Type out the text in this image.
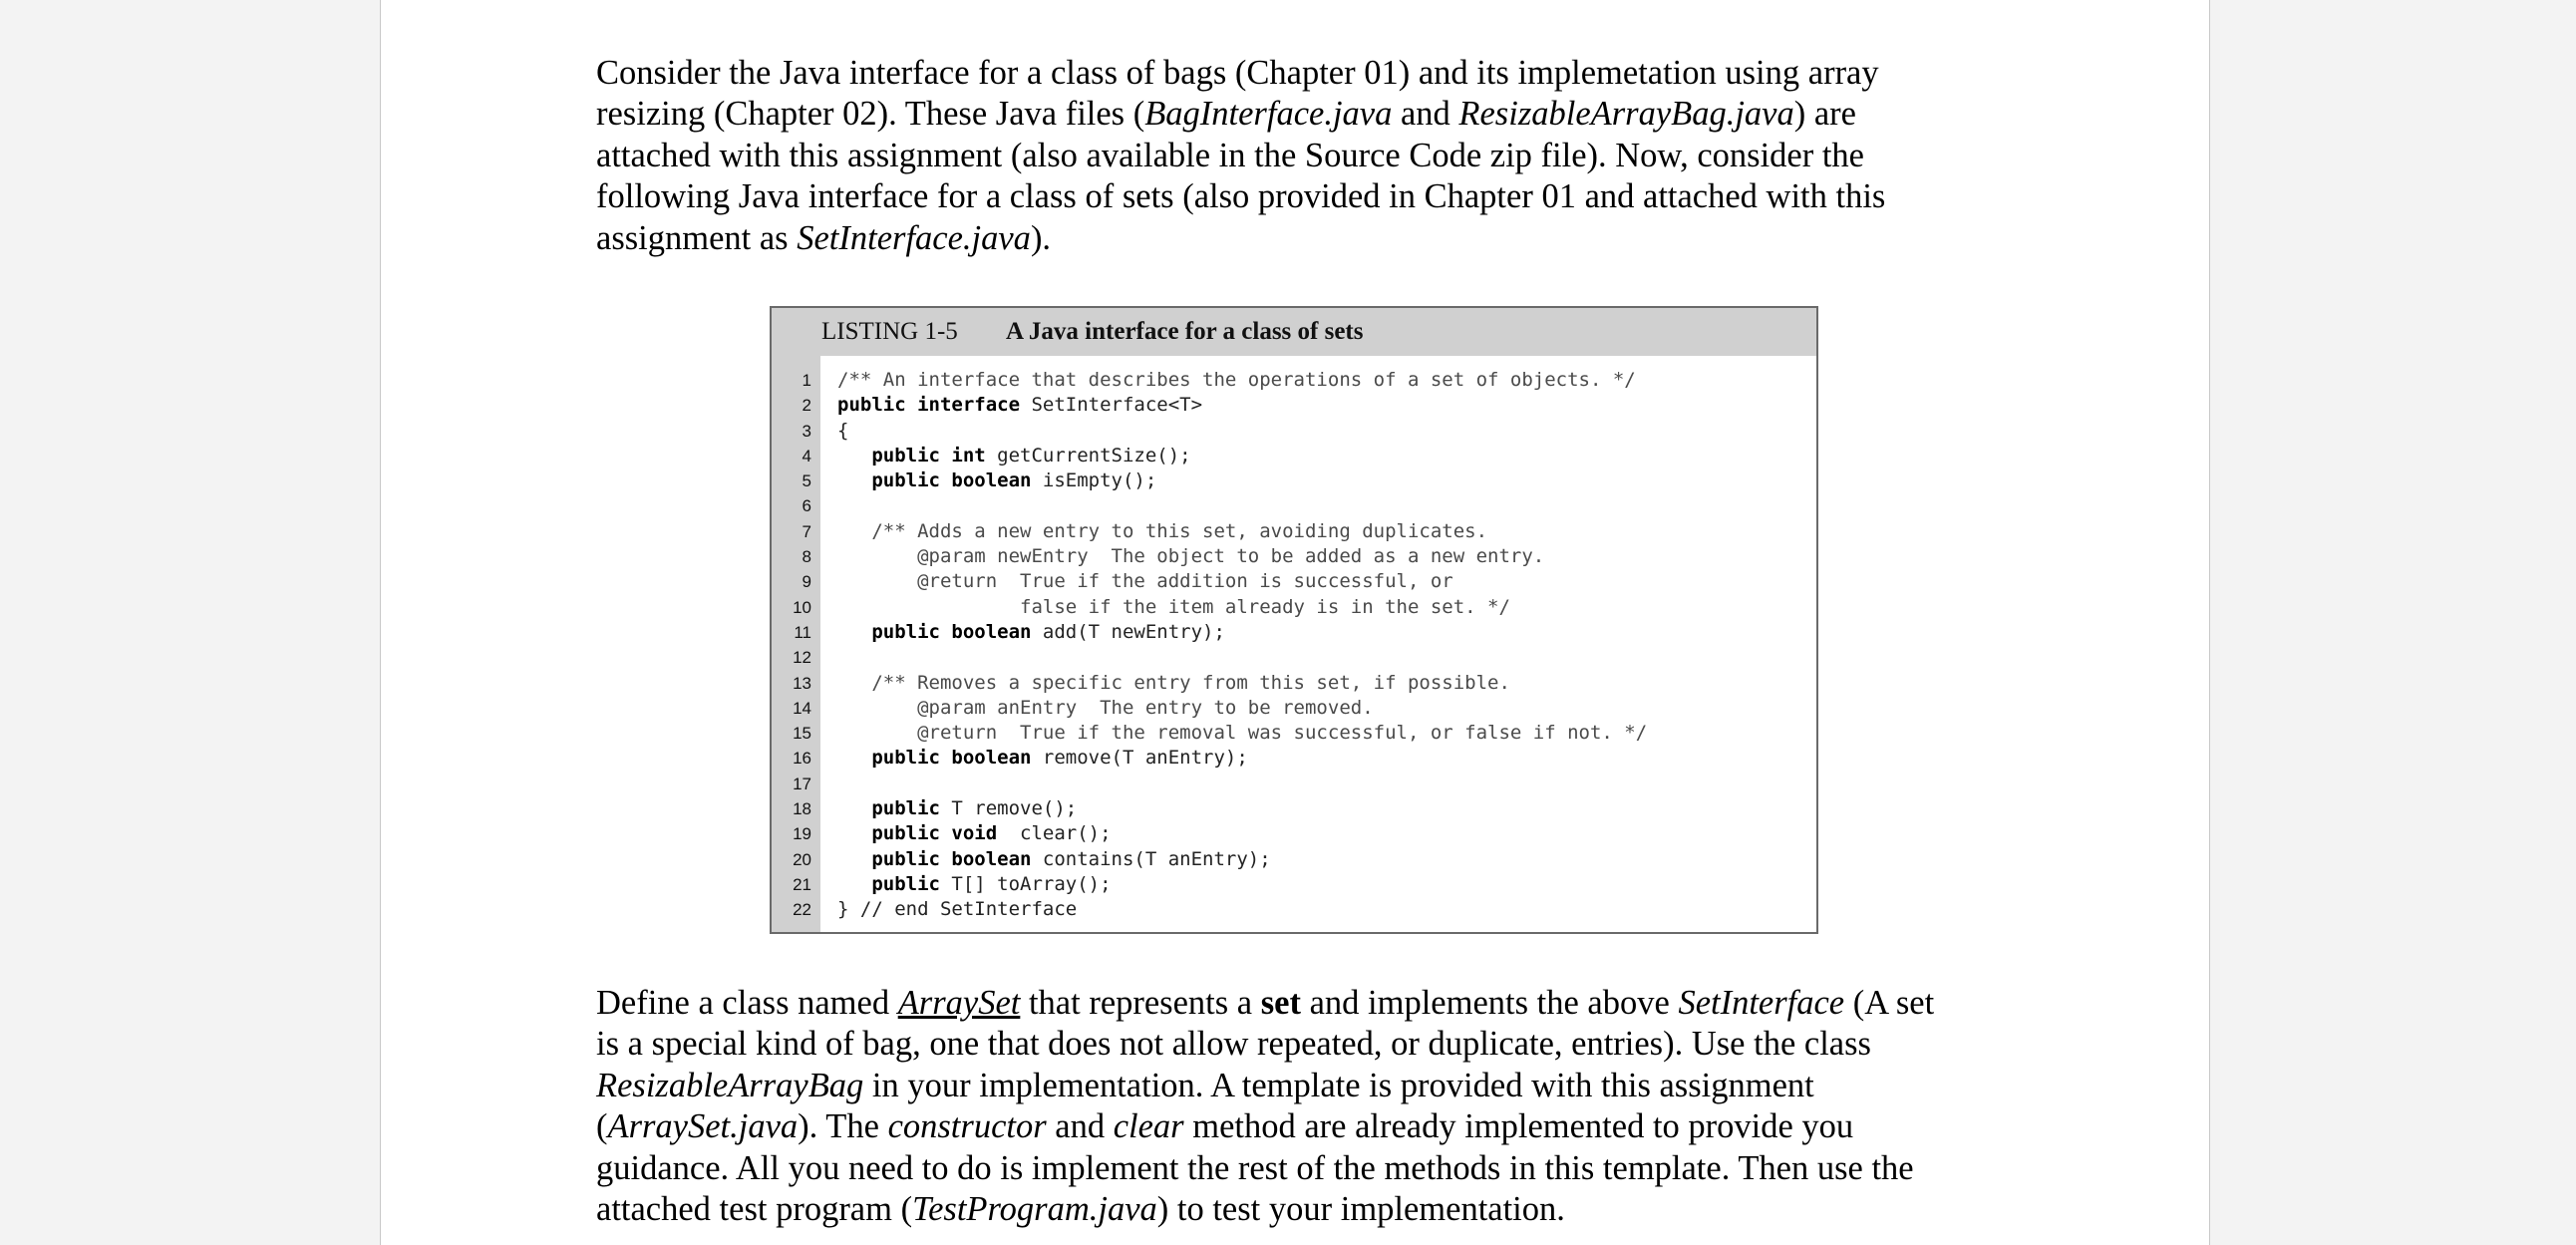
Consider the Java interface for a class of bags (Chapter 01) and its implemetation using array
resizing (Chapter 02). These Java files (BagInterface.java and ResizableArrayBag.java) are
attached with this assignment (also available in the Source Code zip file). Now, consider the
following Java interface for a class of sets (also provided in Chapter 01 and attached with this
assignment as SetInterface.java).

LISTING 1-5 A Java interface for a class of sets
1 /** An interface that describes the operations of a set of objects. */
2 public interface SetInterface<T>
3 {
4 public int getCurrentSize();
5 public boolean isEmpty();
6
7 /** Adds a new entry to this set, avoiding duplicates.
8 @param newEntry  The object to be added as a new entry.
9 @return  True if the addition is successful, or
10 false if the item already is in the set. */
11 public boolean add(T newEntry);
12
13 /** Removes a specific entry from this set, if possible.
14 @param anEntry  The entry to be removed.
15 @return  True if the removal was successful, or false if not. */
16 public boolean remove(T anEntry);
17
18 public T remove();
19 public void  clear();
20 public boolean contains(T anEntry);
21 public T[] toArray();
22 } // end SetInterface

Define a class named ArraySet that represents a set and implements the above SetInterface (A set
is a special kind of bag, one that does not allow repeated, or duplicate, entries). Use the class
ResizableArrayBag in your implementation. A template is provided with this assignment
(ArraySet.java). The constructor and clear method are already implemented to provide you
guidance. All you need to do is implement the rest of the methods in this template. Then use the
attached test program (TestProgram.java) to test your implementation.
